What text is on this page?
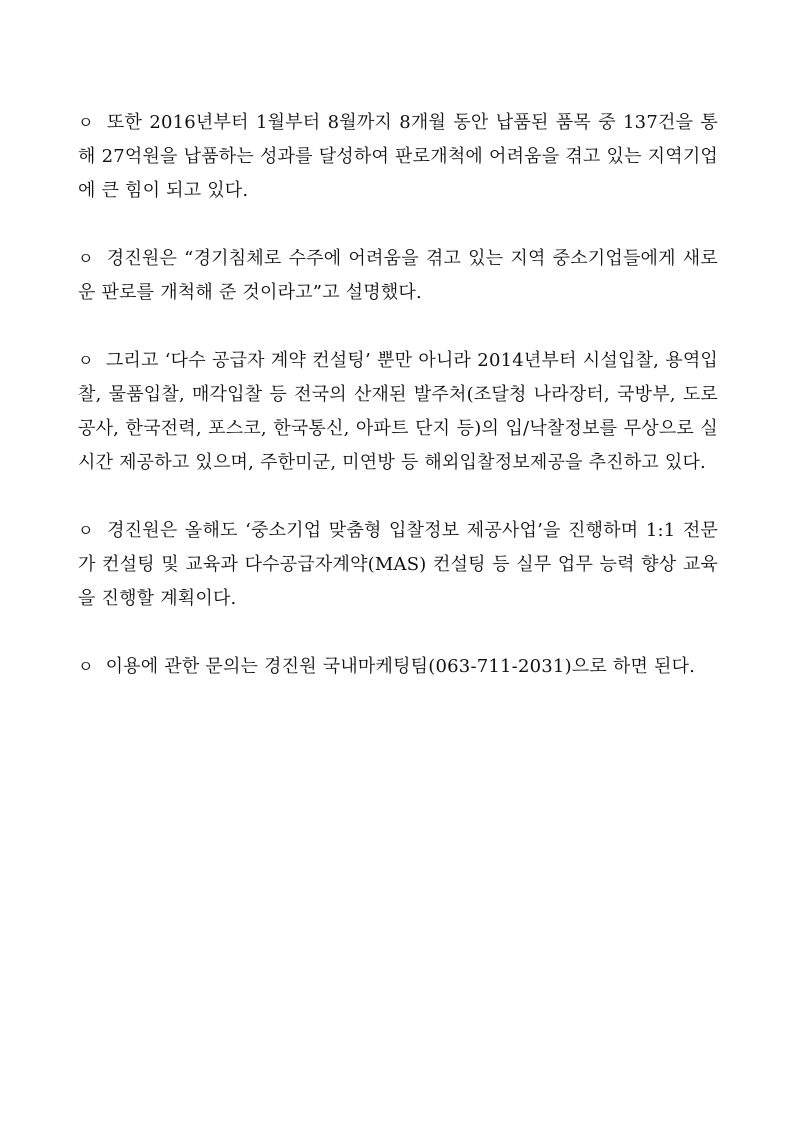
ㅇ 또한 2016년부터 1월부터 8월까지 8개월 동안 납품된 품목 중 137건을 통해 27억원을 납품하는 성과를 달성하여 판로개척에 어려움을 겪고 있는 지역기업에 큰 힘이 되고 있다.

ㅇ 경진원은 “경기침체로 수주에 어려움을 겪고 있는 지역 중소기업들에게 새로운 판로를 개척해 준 것이라고”고 설명했다.

ㅇ 그리고 ‘다수 공급자 계약 컨설팅’ 뿐만 아니라 2014년부터 시설입찰, 용역입찰, 물품입찰, 매각입찰 등 전국의 산재된 발주처(조달청 나라장터, 국방부, 도로공사, 한국전력, 포스코, 한국통신, 아파트 단지 등)의 입/낙찰정보를 무상으로 실시간 제공하고 있으며, 주한미군, 미연방 등 해외입찰정보제공을 추진하고 있다.

ㅇ 경진원은 올해도 ‘중소기업 맞춤형 입찰정보 제공사업’을 진행하며 1:1 전문가 컨설팅 및 교육과 다수공급자계약(MAS) 컨설팅 등 실무 업무 능력 향상 교육을 진행할 계획이다.

ㅇ 이용에 관한 문의는 경진원 국내마케팅팀(063-711-2031)으로 하면 된다.
